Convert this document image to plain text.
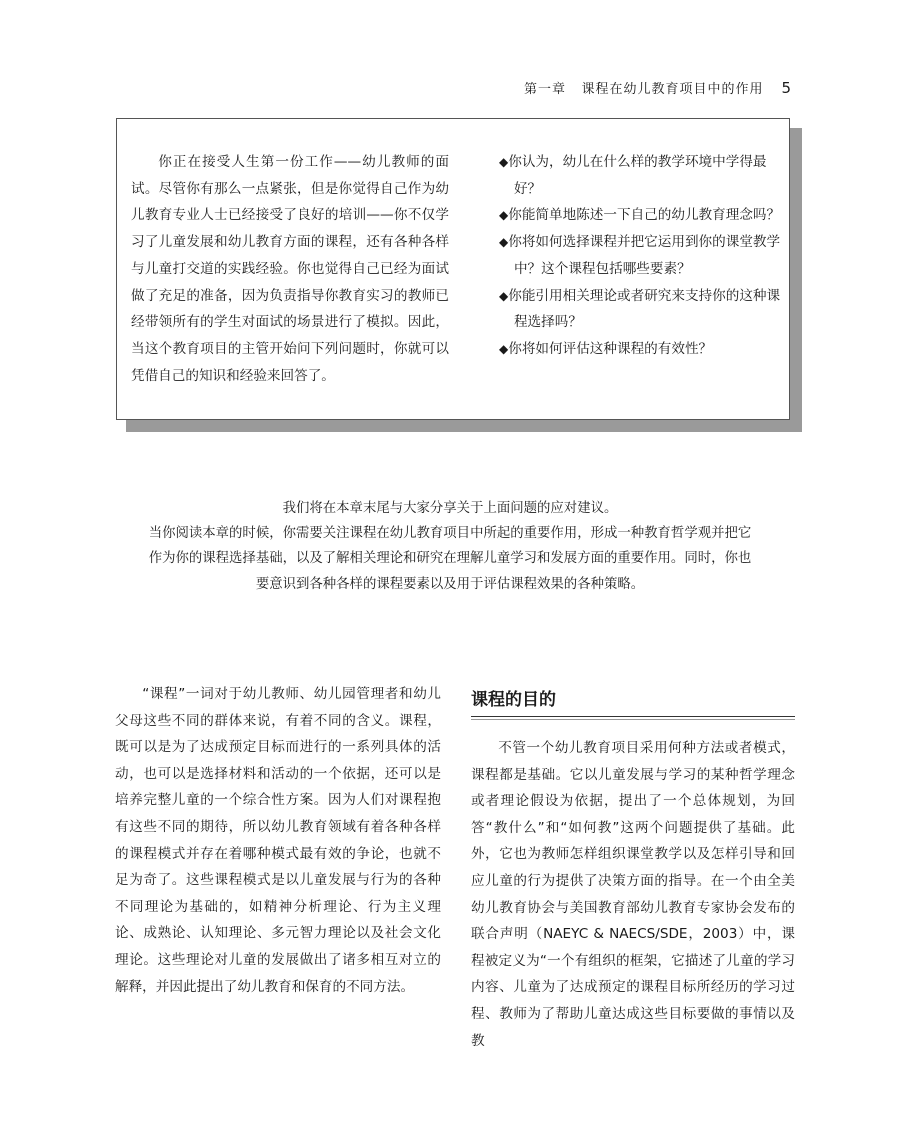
第一章 课程在幼儿教育项目中的作用 5

你正在接受人生第一份工作——幼儿教师的面试。尽管你有那么一点紧张，但是你觉得自己作为幼儿教育专业人士已经接受了良好的培训——你不仅学习了儿童发展和幼儿教育方面的课程，还有各种各样与儿童打交道的实践经验。你也觉得自己已经为面试做了充足的准备，因为负责指导你教育实习的教师已经带领所有的学生对面试的场景进行了模拟。因此，当这个教育项目的主管开始问下列问题时，你就可以凭借自己的知识和经验来回答了。

◆你认为，幼儿在什么样的教学环境中学得最好？
◆你能简单地陈述一下自己的幼儿教育理念吗？
◆你将如何选择课程并把它运用到你的课堂教学中？这个课程包括哪些要素？
◆你能引用相关理论或者研究来支持你的这种课程选择吗？
◆你将如何评估这种课程的有效性？

我们将在本章末尾与大家分享关于上面问题的应对建议。

当你阅读本章的时候，你需要关注课程在幼儿教育项目中所起的重要作用，形成一种教育哲学观并把它作为你的课程选择基础，以及了解相关理论和研究在理解儿童学习和发展方面的重要作用。同时，你也要意识到各种各样的课程要素以及用于评估课程效果的各种策略。

“课程”一词对于幼儿教师、幼儿园管理者和幼儿父母这些不同的群体来说，有着不同的含义。课程，既可以是为了达成预定目标而进行的一系列具体的活动，也可以是选择材料和活动的一个依据，还可以是培养完整儿童的一个综合性方案。因为人们对课程抱有这些不同的期待，所以幼儿教育领域有着各种各样的课程模式并存在着哪种模式最有效的争论，也就不足为奇了。这些课程模式是以儿童发展与行为的各种不同理论为基础的，如精神分析理论、行为主义理论、成熟论、认知理论、多元智力理论以及社会文化理论。这些理论对儿童的发展做出了诸多相互对立的解释，并因此提出了幼儿教育和保育的不同方法。

课程的目的

不管一个幼儿教育项目采用何种方法或者模式，课程都是基础。它以儿童发展与学习的某种哲学理念或者理论假设为依据，提出了一个总体规划，为回答“教什么”和“如何教”这两个问题提供了基础。此外，它也为教师怎样组织课堂教学以及怎样引导和回应儿童的行为提供了决策方面的指导。在一个由全美幼儿教育协会与美国教育部幼儿教育专家协会发布的联合声明（NAEYC & NAECS/SDE，2003）中，课程被定义为“一个有组织的框架，它描述了儿童的学习内容、儿童为了达成预定的课程目标所经历的学习过程、教师为了帮助儿童达成这些目标要做的事情以及教
